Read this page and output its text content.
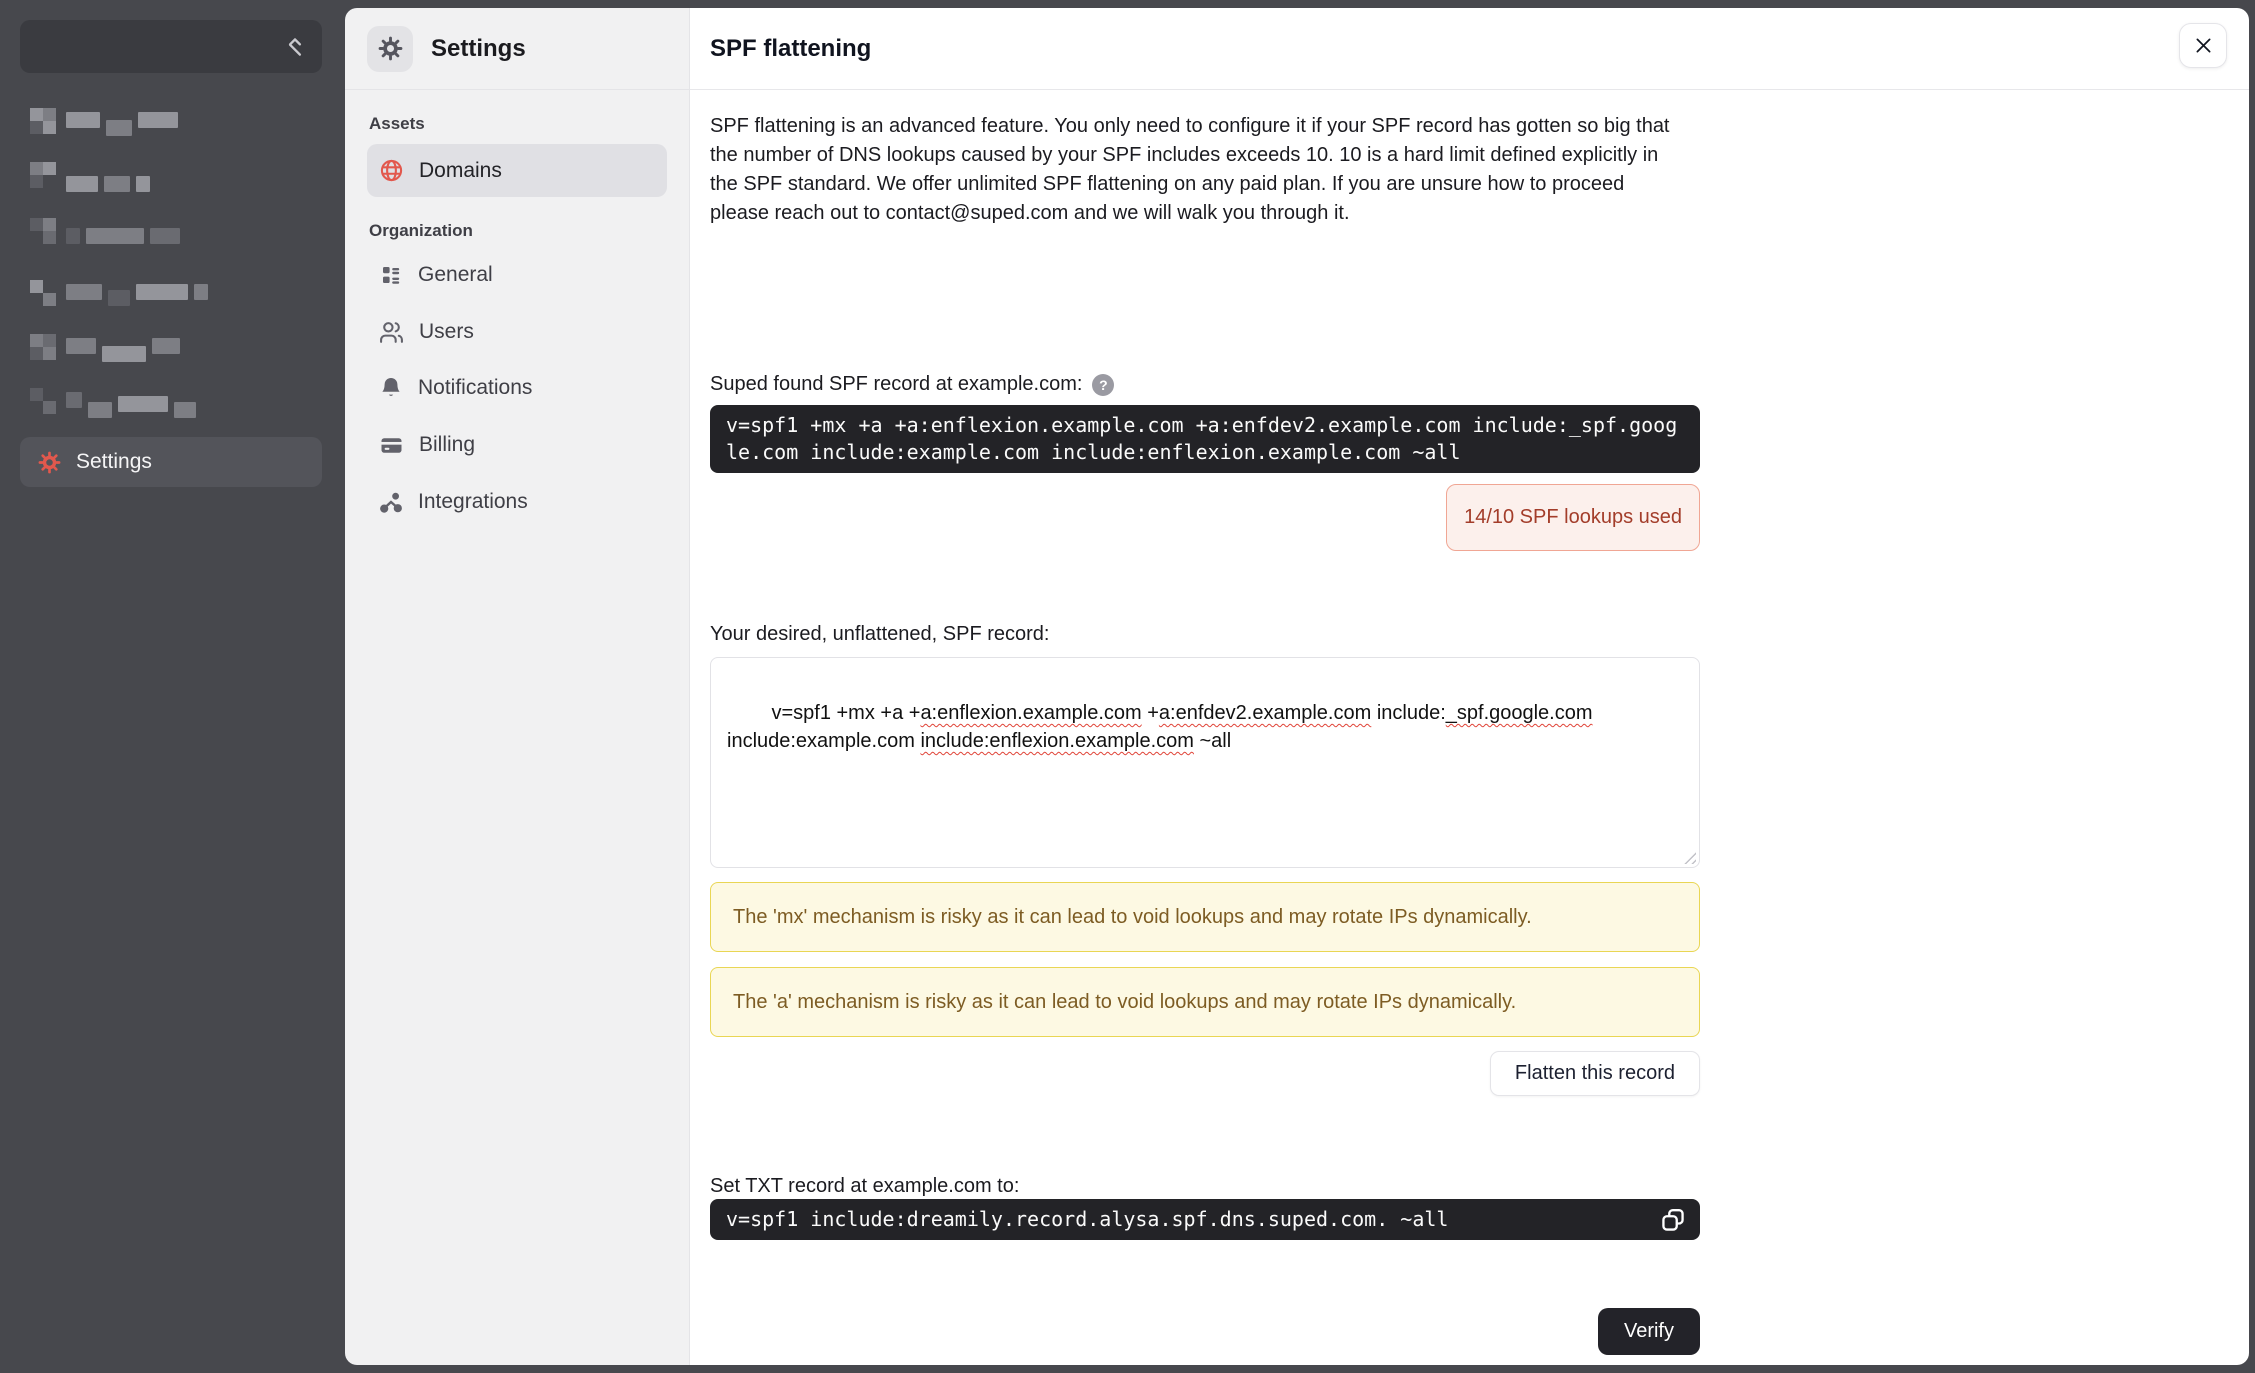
Settings
Settings
Assets
Domains
Organization
General
Users
Notifications
Billing
Integrations
SPF flattening

SPF flattening is an advanced feature. You only need to configure it if your SPF record has gotten so big that the number of DNS lookups caused by your SPF includes exceeds 10. 10 is a hard limit defined explicitly in the SPF standard. We offer unlimited SPF flattening on any paid plan. If you are unsure how to proceed please reach out to contact@suped.com and we will walk you through it.

Suped found SPF record at example.com:	?
v=spf1 +mx +a +a:enflexion.example.com +a:enfdev2.example.com include:_spf.google.com include:example.com include:enflexion.example.com ~all
14/10 SPF lookups used
Your desired, unflattened, SPF record:

v=spf1 +mx +a +a:enflexion.example.com +a:enfdev2.example.com include:_spf.google.com include:example.com include:enflexion.example.com ~all

The 'mx' mechanism is risky as it can lead to void lookups and may rotate IPs dynamically.
The 'a' mechanism is risky as it can lead to void lookups and may rotate IPs dynamically.
Flatten this record
Set TXT record at example.com to:
v=spf1 include:dreamily.record.alysa.spf.dns.suped.com. ~all
Verify
